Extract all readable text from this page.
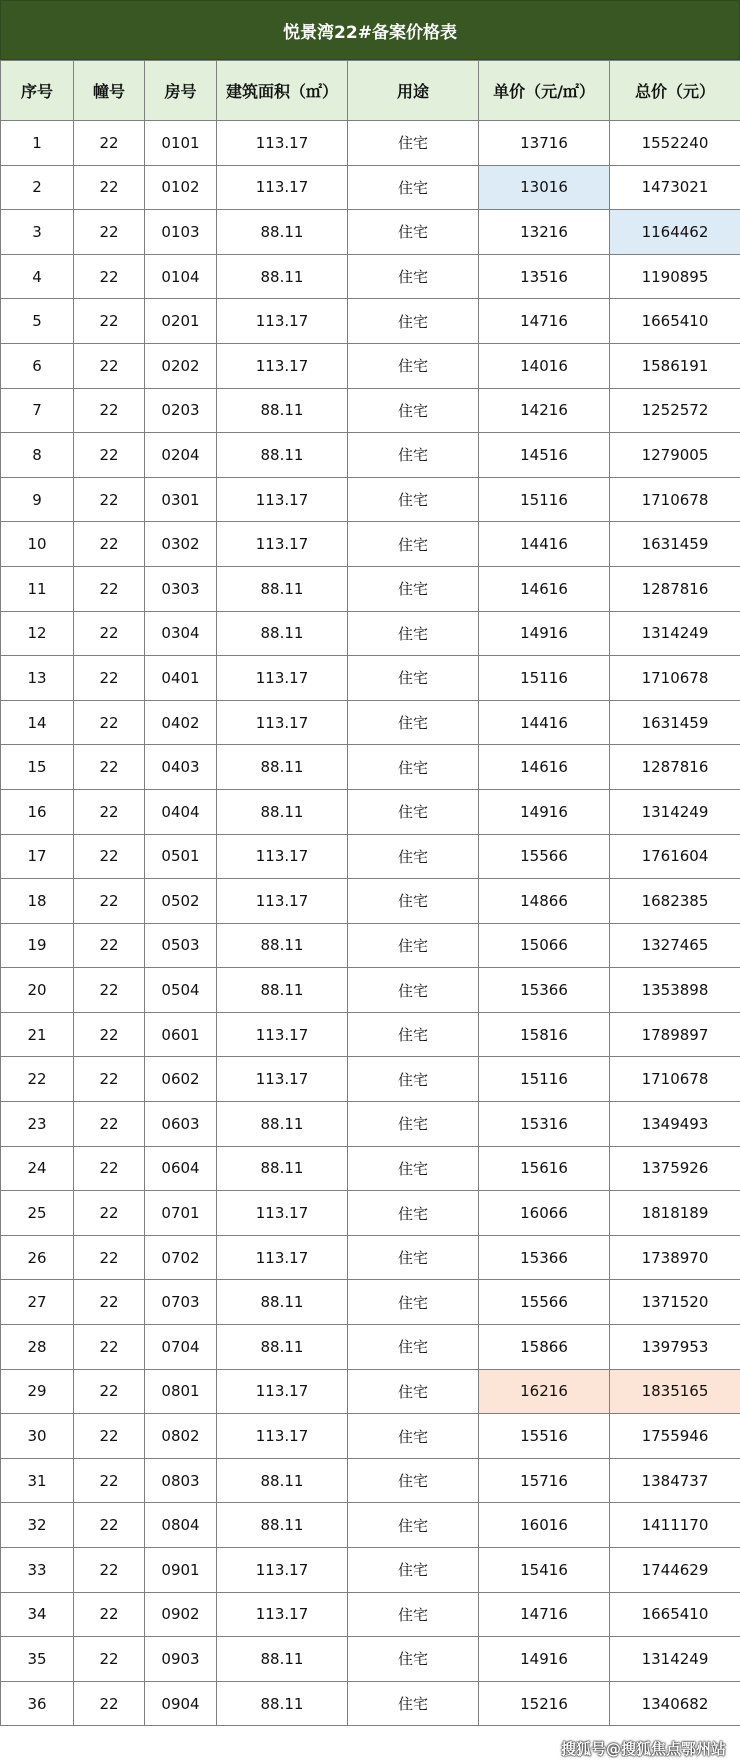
悦景湾22#备案价格表
序号	幢号	房号	建筑面积（㎡）	用途	单价（元/㎡）	总价（元）
1	22	0101	113.17	住宅	13716	1552240
2	22	0102	113.17	住宅	13016	1473021
3	22	0103	88.11	住宅	13216	1164462
4	22	0104	88.11	住宅	13516	1190895
5	22	0201	113.17	住宅	14716	1665410
6	22	0202	113.17	住宅	14016	1586191
7	22	0203	88.11	住宅	14216	1252572
8	22	0204	88.11	住宅	14516	1279005
9	22	0301	113.17	住宅	15116	1710678
10	22	0302	113.17	住宅	14416	1631459
11	22	0303	88.11	住宅	14616	1287816
12	22	0304	88.11	住宅	14916	1314249
13	22	0401	113.17	住宅	15116	1710678
14	22	0402	113.17	住宅	14416	1631459
15	22	0403	88.11	住宅	14616	1287816
16	22	0404	88.11	住宅	14916	1314249
17	22	0501	113.17	住宅	15566	1761604
18	22	0502	113.17	住宅	14866	1682385
19	22	0503	88.11	住宅	15066	1327465
20	22	0504	88.11	住宅	15366	1353898
21	22	0601	113.17	住宅	15816	1789897
22	22	0602	113.17	住宅	15116	1710678
23	22	0603	88.11	住宅	15316	1349493
24	22	0604	88.11	住宅	15616	1375926
25	22	0701	113.17	住宅	16066	1818189
26	22	0702	113.17	住宅	15366	1738970
27	22	0703	88.11	住宅	15566	1371520
28	22	0704	88.11	住宅	15866	1397953
29	22	0801	113.17	住宅	16216	1835165
30	22	0802	113.17	住宅	15516	1755946
31	22	0803	88.11	住宅	15716	1384737
32	22	0804	88.11	住宅	16016	1411170
33	22	0901	113.17	住宅	15416	1744629
34	22	0902	113.17	住宅	14716	1665410
35	22	0903	88.11	住宅	14916	1314249
36	22	0904	88.11	住宅	15216	1340682
搜狐号@搜狐焦点鄂州站
